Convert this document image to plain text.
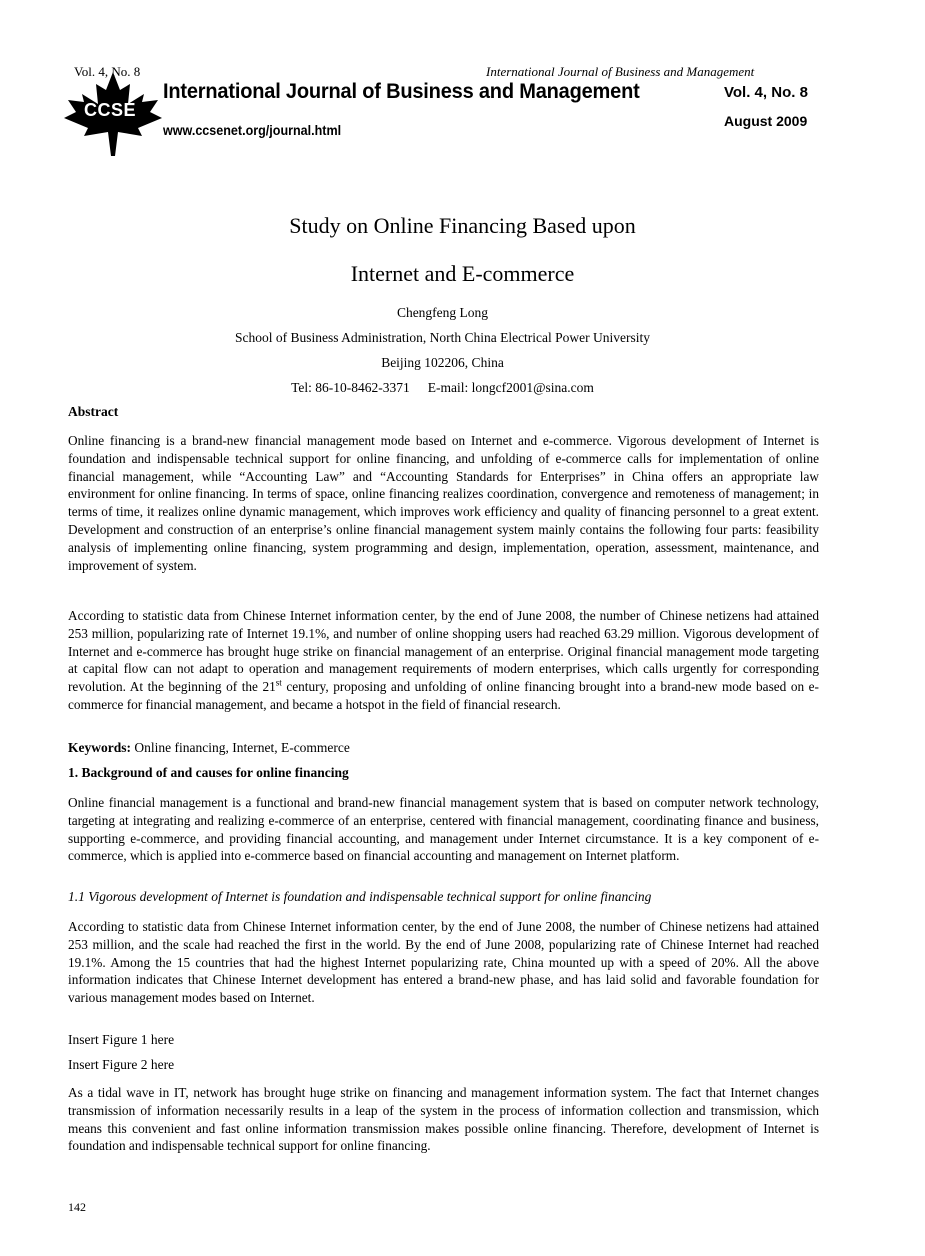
CCSE
Vol. 4, No. 8	International Journal of Business and Management
International Journal of Business and Management
www.ccsenet.org/journal.html
Vol. 4, No. 8
August 2009
Study on Online Financing Based upon
Internet and E-commerce
Chengfeng Long
School of Business Administration, North China Electrical Power University
Beijing 102206, China
Tel: 86-10-8462-3371 E-mail: longcf2001@sina.com
Abstract
Online financing is a brand-new financial management mode based on Internet and e-commerce. Vigorous development of Internet is foundation and indispensable technical support for online financing, and unfolding of e-commerce calls for implementation of online financial management, while “Accounting Law” and “Accounting Standards for Enterprises” in China offers an appropriate law environment for online financing. In terms of space, online financing realizes coordination, convergence and remoteness of management; in terms of time, it realizes online dynamic management, which improves work efficiency and quality of financing personnel to a great extent. Development and construction of an enterprise’s online financial management system mainly contains the following four parts: feasibility analysis of implementing online financing, system programming and design, implementation, operation, assessment, maintenance, and improvement of system.
According to statistic data from Chinese Internet information center, by the end of June 2008, the number of Chinese netizens had attained 253 million, popularizing rate of Internet 19.1%, and number of online shopping users had reached 63.29 million. Vigorous development of Internet and e-commerce has brought huge strike on financial management of an enterprise. Original financial management mode targeting at capital flow can not adapt to operation and management requirements of modern enterprises, which calls urgently for corresponding revolution. At the beginning of the 21st century, proposing and unfolding of online financing brought into a brand-new mode based on e-commerce for financial management, and became a hotspot in the field of financial research.
Keywords: Online financing, Internet, E-commerce
1. Background of and causes for online financing
Online financial management is a functional and brand-new financial management system that is based on computer network technology, targeting at integrating and realizing e-commerce of an enterprise, centered with financial management, coordinating finance and business, supporting e-commerce, and providing financial accounting, and management under Internet circumstance. It is a key component of e-commerce, which is applied into e-commerce based on financial accounting and management on Internet platform.
1.1 Vigorous development of Internet is foundation and indispensable technical support for online financing
According to statistic data from Chinese Internet information center, by the end of June 2008, the number of Chinese netizens had attained 253 million, and the scale had reached the first in the world. By the end of June 2008, popularizing rate of Chinese Internet had reached 19.1%. Among the 15 countries that had the highest Internet popularizing rate, China mounted up with a speed of 20%. All the above information indicates that Chinese Internet development has entered a brand-new phase, and has laid solid and favorable foundation for various management modes based on Internet.
Insert Figure 1 here
Insert Figure 2 here
As a tidal wave in IT, network has brought huge strike on financing and management information system. The fact that Internet changes transmission of information necessarily results in a leap of the system in the process of information collection and transmission, which means this convenient and fast online information transmission makes possible online financing. Therefore, development of Internet is foundation and indispensable technical support for online financing.
142
